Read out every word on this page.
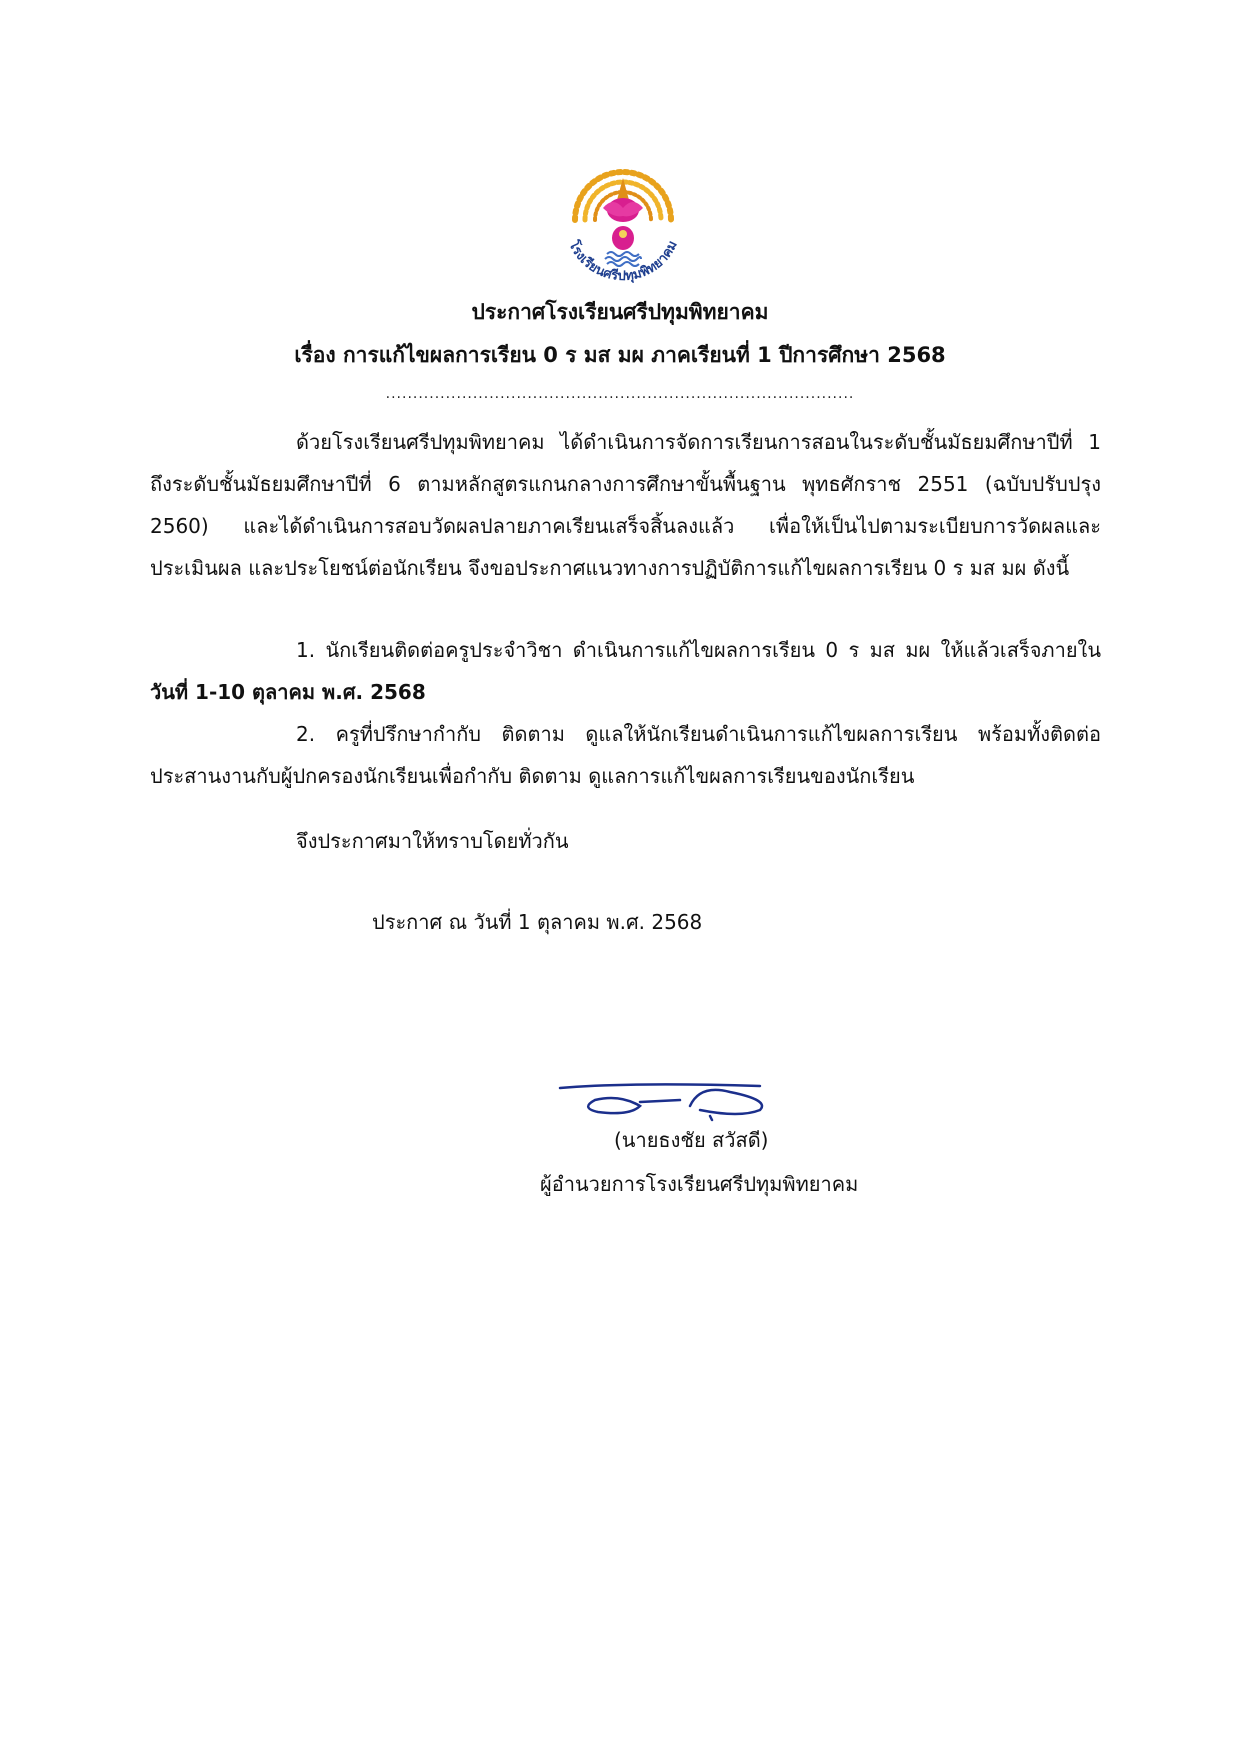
โรงเรียนศรีปทุมพิทยาคม
ประกาศโรงเรียนศรีปทุมพิทยาคม
เรื่อง การแก้ไขผลการเรียน 0 ร มส มผ ภาคเรียนที่ 1 ปีการศึกษา 2568
......................................................................................
ด้วยโรงเรียนศรีปทุมพิทยาคม ได้ดำเนินการจัดการเรียนการสอนในระดับชั้นมัธยมศึกษาปีที่ 1
ถึงระดับชั้นมัธยมศึกษาปีที่ 6 ตามหลักสูตรแกนกลางการศึกษาขั้นพื้นฐาน พุทธศักราช 2551 (ฉบับปรับปรุง
2560) และได้ดำเนินการสอบวัดผลปลายภาคเรียนเสร็จสิ้นลงแล้ว เพื่อให้เป็นไปตามระเบียบการวัดผลและ
ประเมินผล และประโยชน์ต่อนักเรียน จึงขอประกาศแนวทางการปฏิบัติการแก้ไขผลการเรียน 0 ร มส มผ ดังนี้
1. นักเรียนติดต่อครูประจำวิชา ดำเนินการแก้ไขผลการเรียน 0 ร มส มผ ให้แล้วเสร็จภายใน
วันที่ 1-10 ตุลาคม พ.ศ. 2568
2. ครูที่ปรึกษากำกับ ติดตาม ดูแลให้นักเรียนดำเนินการแก้ไขผลการเรียน พร้อมทั้งติดต่อ
ประสานงานกับผู้ปกครองนักเรียนเพื่อกำกับ ติดตาม ดูแลการแก้ไขผลการเรียนของนักเรียน
จึงประกาศมาให้ทราบโดยทั่วกัน
ประกาศ ณ วันที่ 1 ตุลาคม พ.ศ. 2568
(นายธงชัย สวัสดี)
ผู้อำนวยการโรงเรียนศรีปทุมพิทยาคม
